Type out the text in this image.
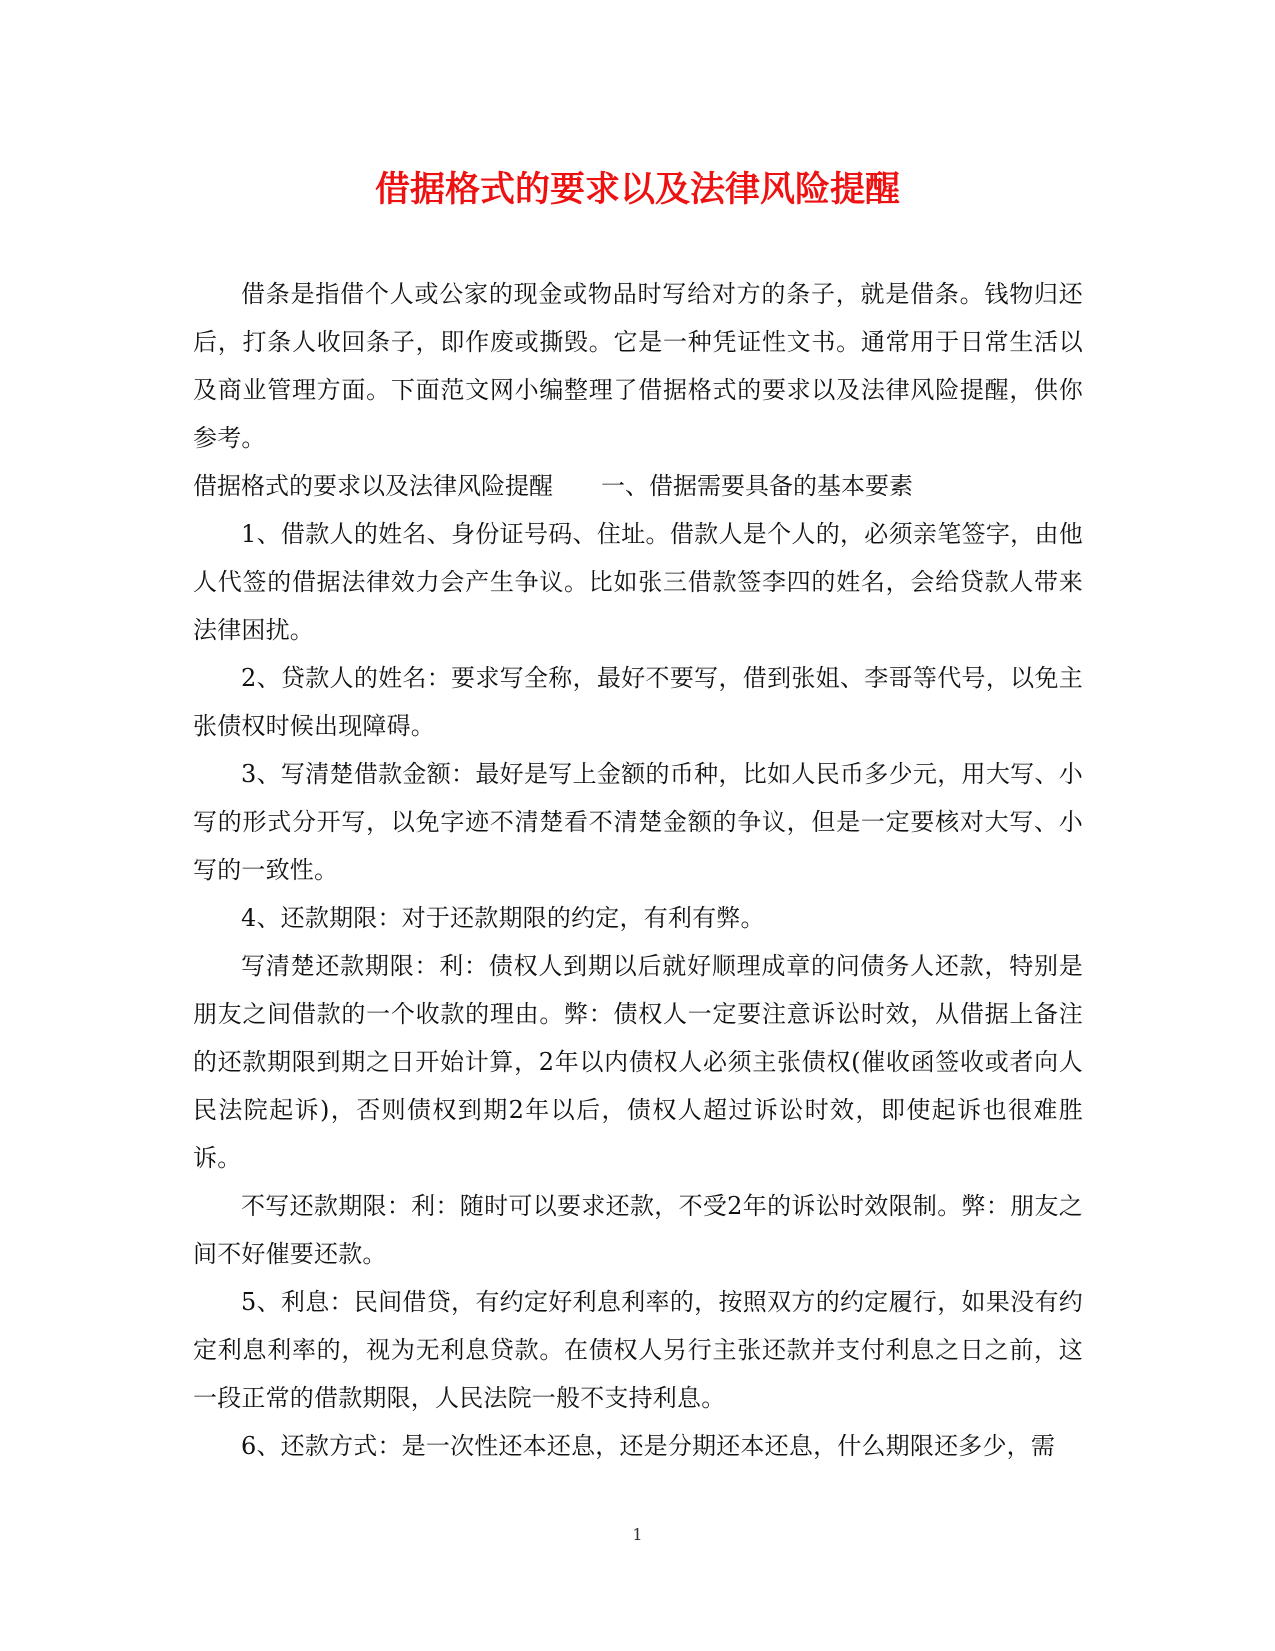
借据格式的要求以及法律风险提醒

借条是指借个人或公家的现金或物品时写给对方的条子，就是借条。钱物归还后，打条人收回条子，即作废或撕毁。它是一种凭证性文书。通常用于日常生活以及商业管理方面。下面范文网小编整理了借据格式的要求以及法律风险提醒，供你参考。

借据格式的要求以及法律风险提醒 一、借据需要具备的基本要素

1、借款人的姓名、身份证号码、住址。借款人是个人的，必须亲笔签字，由他人代签的借据法律效力会产生争议。比如张三借款签李四的姓名，会给贷款人带来法律困扰。

2、贷款人的姓名：要求写全称，最好不要写，借到张姐、李哥等代号，以免主张债权时候出现障碍。

3、写清楚借款金额：最好是写上金额的币种，比如人民币多少元，用大写、小写的形式分开写，以免字迹不清楚看不清楚金额的争议，但是一定要核对大写、小写的一致性。

4、还款期限：对于还款期限的约定，有利有弊。

写清楚还款期限：利：债权人到期以后就好顺理成章的问债务人还款，特别是朋友之间借款的一个收款的理由。弊：债权人一定要注意诉讼时效，从借据上备注的还款期限到期之日开始计算，2年以内债权人必须主张债权(催收函签收或者向人民法院起诉)，否则债权到期2年以后，债权人超过诉讼时效，即使起诉也很难胜诉。

不写还款期限：利：随时可以要求还款，不受2年的诉讼时效限制。弊：朋友之间不好催要还款。

5、利息：民间借贷，有约定好利息利率的，按照双方的约定履行，如果没有约定利息利率的，视为无利息贷款。在债权人另行主张还款并支付利息之日之前，这一段正常的借款期限，人民法院一般不支持利息。

6、还款方式：是一次性还本还息，还是分期还本还息，什么期限还多少，需

1
